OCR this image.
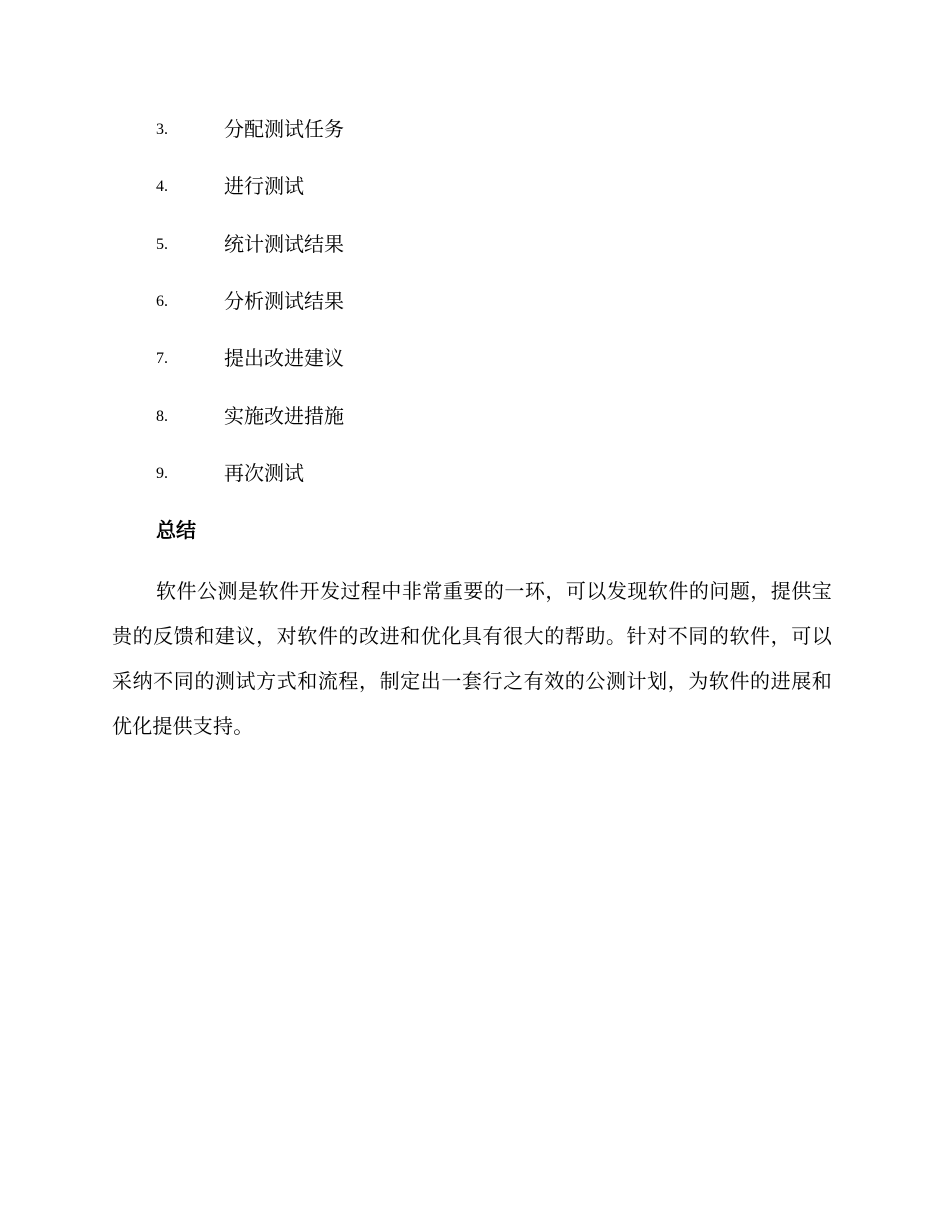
3.	分配测试任务
4.	进行测试
5.	统计测试结果
6.	分析测试结果
7.	提出改进建议
8.	实施改进措施
9.	再次测试
总结

软件公测是软件开发过程中非常重要的一环，可以发现软件的问题，提供宝贵的反馈和建议，对软件的改进和优化具有很大的帮助。针对不同的软件，可以采纳不同的测试方式和流程，制定出一套行之有效的公测计划，为软件的进展和优化提供支持。
